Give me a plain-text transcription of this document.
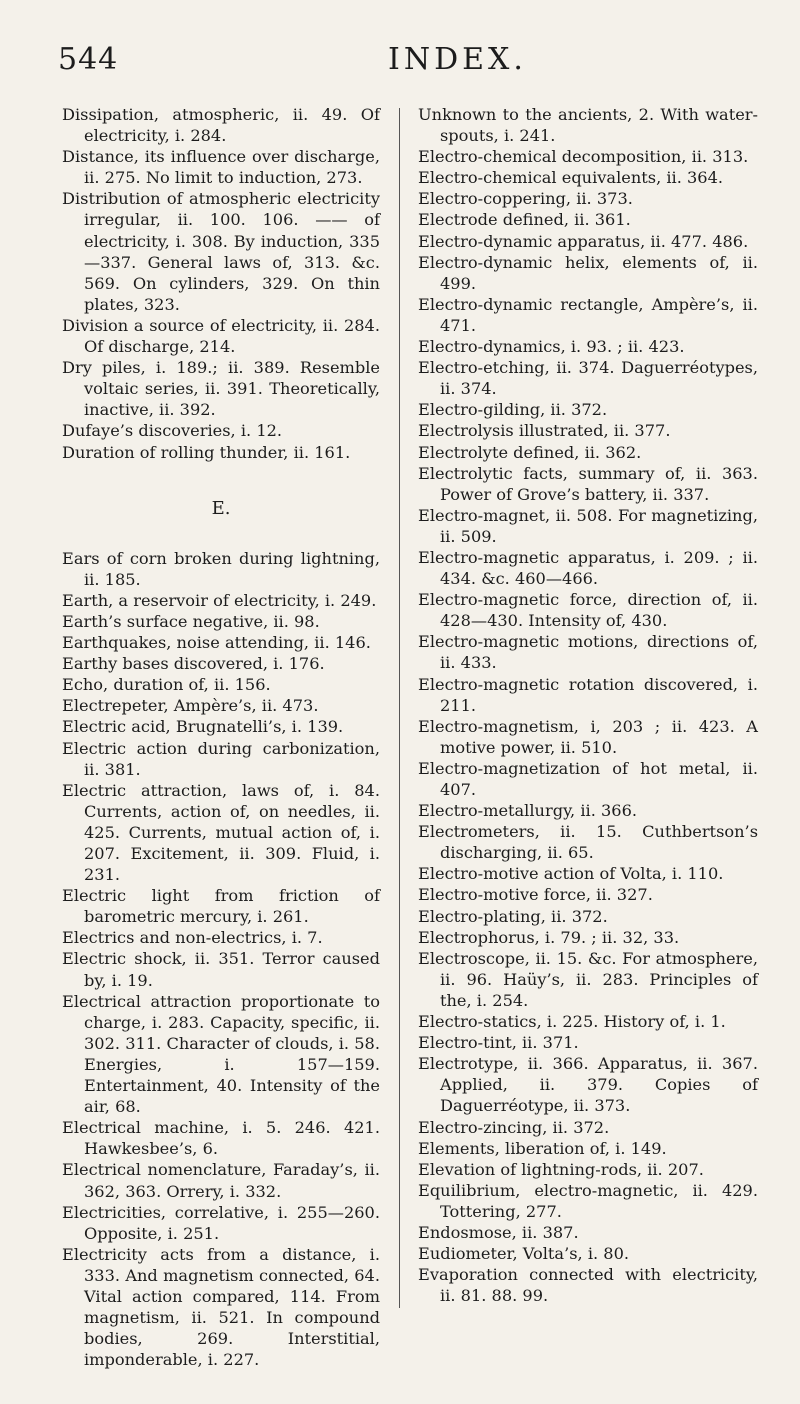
544	INDEX.

Dissipation, atmospheric, ii. 49. Of electricity, i. 284.

Distance, its influence over discharge, ii. 275. No limit to induction, 273.

Distribution of atmospheric electricity irregular, ii. 100. 106. —— of electricity, i. 308. By induction, 335—337. General laws of, 313. &c. 569. On cylinders, 329. On thin plates, 323.

Division a source of electricity, ii. 284. Of discharge, 214.

Dry piles, i. 189.; ii. 389. Resemble voltaic series, ii. 391. Theoretically, inactive, ii. 392.

Dufaye’s discoveries, i. 12.

Duration of rolling thunder, ii. 161.

E.

Ears of corn broken during lightning, ii. 185.

Earth, a reservoir of electricity, i. 249.

Earth’s surface negative, ii. 98.

Earthquakes, noise attending, ii. 146.

Earthy bases discovered, i. 176.

Echo, duration of, ii. 156.

Electrepeter, Ampère’s, ii. 473.

Electric acid, Brugnatelli’s, i. 139.

Electric action during carbonization, ii. 381.

Electric attraction, laws of, i. 84. Currents, action of, on needles, ii. 425. Currents, mutual action of, i. 207. Excitement, ii. 309. Fluid, i. 231.

Electric light from friction of barometric mercury, i. 261.

Electrics and non-electrics, i. 7.

Electric shock, ii. 351. Terror caused by, i. 19.

Electrical attraction proportionate to charge, i. 283. Capacity, specific, ii. 302. 311. Character of clouds, i. 58. Energies, i. 157—159. Entertainment, 40. Intensity of the air, 68.

Electrical machine, i. 5. 246. 421. Hawkesbee’s, 6.

Electrical nomenclature, Faraday’s, ii. 362, 363. Orrery, i. 332.

Electricities, correlative, i. 255—260. Opposite, i. 251.

Electricity acts from a distance, i. 333. And magnetism connected, 64. Vital action compared, 114. From magnetism, ii. 521. In compound bodies, 269. Interstitial, imponderable, i. 227.

Unknown to the ancients, 2. With water-spouts, i. 241.

Electro-chemical decomposition, ii. 313.

Electro-chemical equivalents, ii. 364.

Electro-coppering, ii. 373.

Electrode defined, ii. 361.

Electro-dynamic apparatus, ii. 477. 486.

Electro-dynamic helix, elements of, ii. 499.

Electro-dynamic rectangle, Ampère’s, ii. 471.

Electro-dynamics, i. 93. ; ii. 423.

Electro-etching, ii. 374. Daguerréotypes, ii. 374.

Electro-gilding, ii. 372.

Electrolysis illustrated, ii. 377.

Electrolyte defined, ii. 362.

Electrolytic facts, summary of, ii. 363. Power of Grove’s battery, ii. 337.

Electro-magnet, ii. 508. For magnetizing, ii. 509.

Electro-magnetic apparatus, i. 209. ; ii. 434. &c. 460—466.

Electro-magnetic force, direction of, ii. 428—430. Intensity of, 430.

Electro-magnetic motions, directions of, ii. 433.

Electro-magnetic rotation discovered, i. 211.

Electro-magnetism, i, 203 ; ii. 423. A motive power, ii. 510.

Electro-magnetization of hot metal, ii. 407.

Electro-metallurgy, ii. 366.

Electrometers, ii. 15. Cuthbertson’s discharging, ii. 65.

Electro-motive action of Volta, i. 110.

Electro-motive force, ii. 327.

Electro-plating, ii. 372.

Electrophorus, i. 79. ; ii. 32, 33.

Electroscope, ii. 15. &c. For atmosphere, ii. 96. Haüy’s, ii. 283. Principles of the, i. 254.

Electro-statics, i. 225. History of, i. 1.

Electro-tint, ii. 371.

Electrotype, ii. 366. Apparatus, ii. 367. Applied, ii. 379. Copies of Daguerréotype, ii. 373.

Electro-zincing, ii. 372.

Elements, liberation of, i. 149.

Elevation of lightning-rods, ii. 207.

Equilibrium, electro-magnetic, ii. 429. Tottering, 277.

Endosmose, ii. 387.

Eudiometer, Volta’s, i. 80.

Evaporation connected with electricity, ii. 81. 88. 99.
